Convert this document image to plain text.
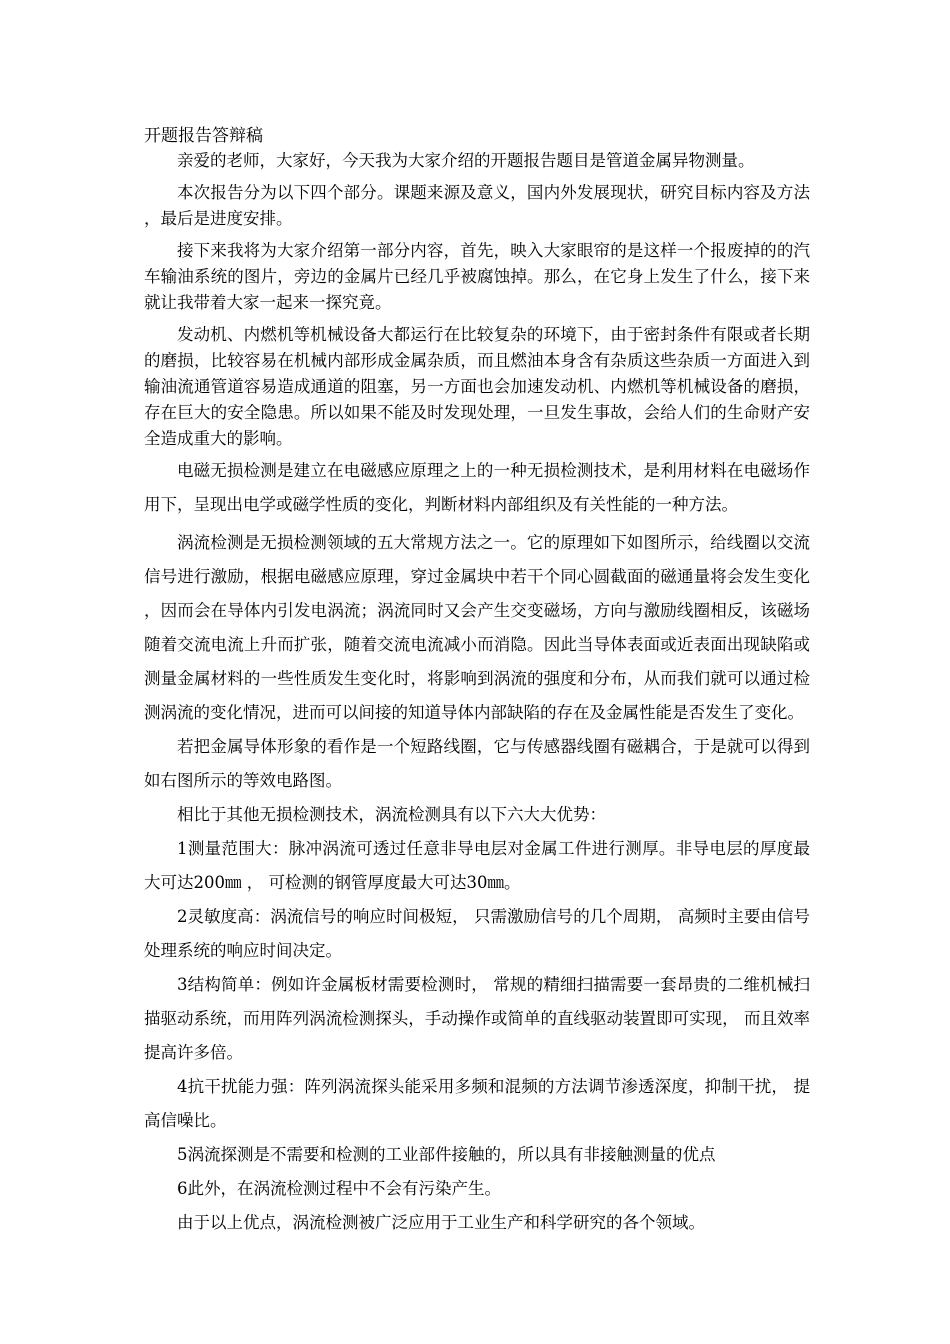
开题报告答辩稿

亲爱的老师，大家好，今天我为大家介绍的开题报告题目是管道金属异物测量。

本次报告分为以下四个部分。课题来源及意义，国内外发展现状，研究目标内容及方法，最后是进度安排。

接下来我将为大家介绍第一部分内容，首先，映入大家眼帘的是这样一个报废掉的的汽车输油系统的图片，旁边的金属片已经几乎被腐蚀掉。那么，在它身上发生了什么，接下来就让我带着大家一起来一探究竟。

发动机、内燃机等机械设备大都运行在比较复杂的环境下，由于密封条件有限或者长期的磨损，比较容易在机械内部形成金属杂质，而且燃油本身含有杂质这些杂质一方面进入到输油流通管道容易造成通道的阻塞，另一方面也会加速发动机、内燃机等机械设备的磨损，存在巨大的安全隐患。所以如果不能及时发现处理，一旦发生事故，会给人们的生命财产安全造成重大的影响。

电磁无损检测是建立在电磁感应原理之上的一种无损检测技术，是利用材料在电磁场作用下，呈现出电学或磁学性质的变化，判断材料内部组织及有关性能的一种方法。

涡流检测是无损检测领域的五大常规方法之一。它的原理如下如图所示，给线圈以交流信号进行激励，根据电磁感应原理，穿过金属块中若干个同心圆截面的磁通量将会发生变化，因而会在导体内引发电涡流；涡流同时又会产生交变磁场，方向与激励线圈相反，该磁场随着交流电流上升而扩张，随着交流电流减小而消隐。因此当导体表面或近表面出现缺陷或测量金属材料的一些性质发生变化时，将影响到涡流的强度和分布，从而我们就可以通过检测涡流的变化情况，进而可以间接的知道导体内部缺陷的存在及金属性能是否发生了变化。

若把金属导体形象的看作是一个短路线圈，它与传感器线圈有磁耦合，于是就可以得到如右图所示的等效电路图。

相比于其他无损检测技术，涡流检测具有以下六大大优势：

1测量范围大：脉冲涡流可透过任意非导电层对金属工件进行测厚。非导电层的厚度最大可达200㎜ ， 可检测的钢管厚度最大可达30㎜。

2灵敏度高：涡流信号的响应时间极短， 只需激励信号的几个周期， 高频时主要由信号处理系统的响应时间决定。

3结构简单：例如许金属板材需要检测时， 常规的精细扫描需要一套昂贵的二维机械扫描驱动系统，而用阵列涡流检测探头，手动操作或简单的直线驱动装置即可实现， 而且效率提高许多倍。

4抗干扰能力强：阵列涡流探头能采用多频和混频的方法调节渗透深度，抑制干扰， 提高信噪比。

5涡流探测是不需要和检测的工业部件接触的，所以具有非接触测量的优点

6此外，在涡流检测过程中不会有污染产生。

由于以上优点，涡流检测被广泛应用于工业生产和科学研究的各个领域。
